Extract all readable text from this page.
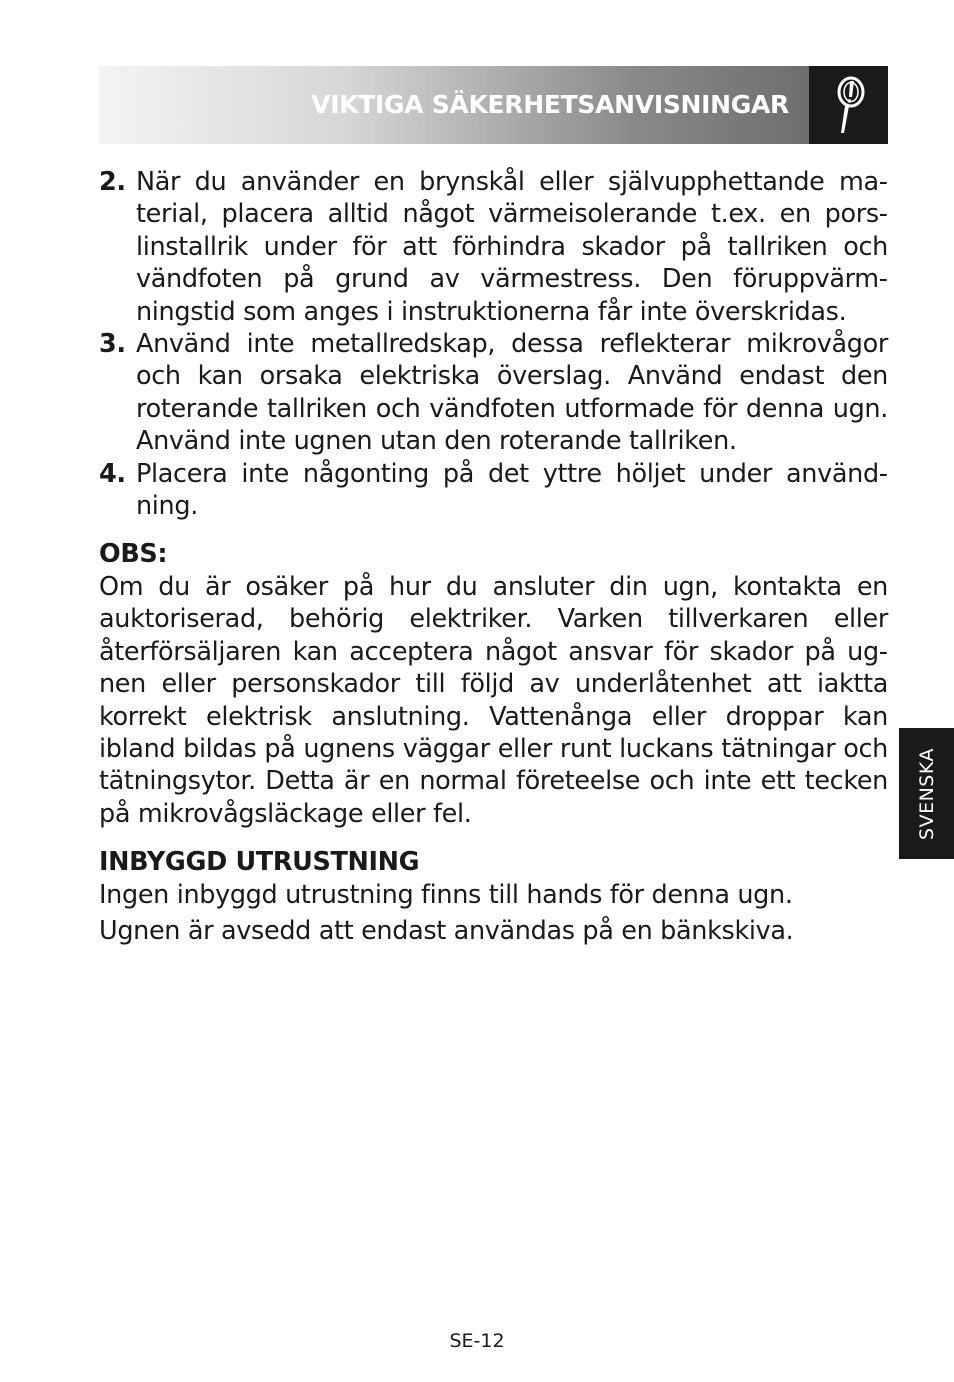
VIKTIGA SÄKERHETSANVISNINGAR
2. När du använder en brynskål eller självupphettande material, placera alltid något värmeisolerande t.ex. en porslinstallrik under för att förhindra skador på tallriken och vändfoten på grund av värmestress. Den föruppvärmningstid som anges i instruktionerna får inte överskridas.
3. Använd inte metallredskap, dessa reflekterar mikrovågor och kan orsaka elektriska överslag. Använd endast den roterande tallriken och vändfoten utformade för denna ugn. Använd inte ugnen utan den roterande tallriken.
4. Placera inte någonting på det yttre höljet under användning.
OBS:
Om du är osäker på hur du ansluter din ugn, kontakta en auktoriserad, behörig elektriker. Varken tillverkaren eller återförsäljaren kan acceptera något ansvar för skador på ugnen eller personskador till följd av underlåtenhet att iaktta korrekt elektrisk anslutning. Vattenånga eller droppar kan ibland bildas på ugnens väggar eller runt luckans tätningar och tätningsytor. Detta är en normal företeelse och inte ett tecken på mikrovågsläckage eller fel.
INBYGGD UTRUSTNING
Ingen inbyggd utrustning finns till hands för denna ugn.
Ugnen är avsedd att endast användas på en bänkskiva.
SVENSKA
SE-12
